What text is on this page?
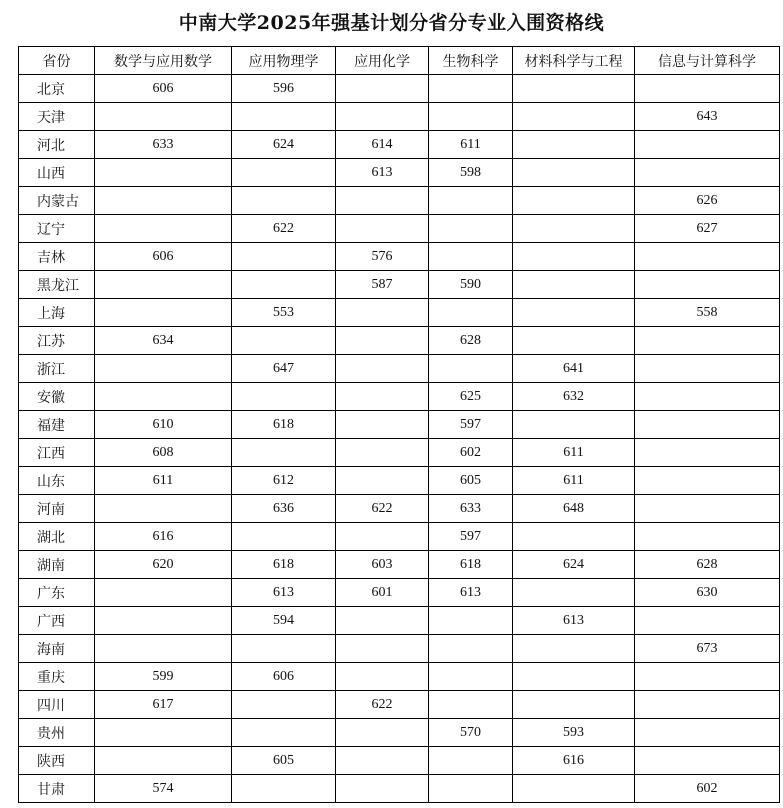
中南大学2025年强基计划分省分专业入围资格线
省份	数学与应用数学	应用物理学	应用化学	生物科学	材料科学与工程	信息与计算科学
北京	606	596				
天津						643
河北	633	624	614	611		
山西			613	598		
内蒙古						626
辽宁		622				627
吉林	606		576			
黑龙江			587	590		
上海		553				558
江苏	634			628		
浙江		647			641	
安徽				625	632	
福建	610	618		597		
江西	608			602	611	
山东	611	612		605	611	
河南		636	622	633	648	
湖北	616			597		
湖南	620	618	603	618	624	628
广东		613	601	613		630
广西		594			613	
海南						673
重庆	599	606				
四川	617		622			
贵州				570	593	
陕西		605			616	
甘肃	574					602
